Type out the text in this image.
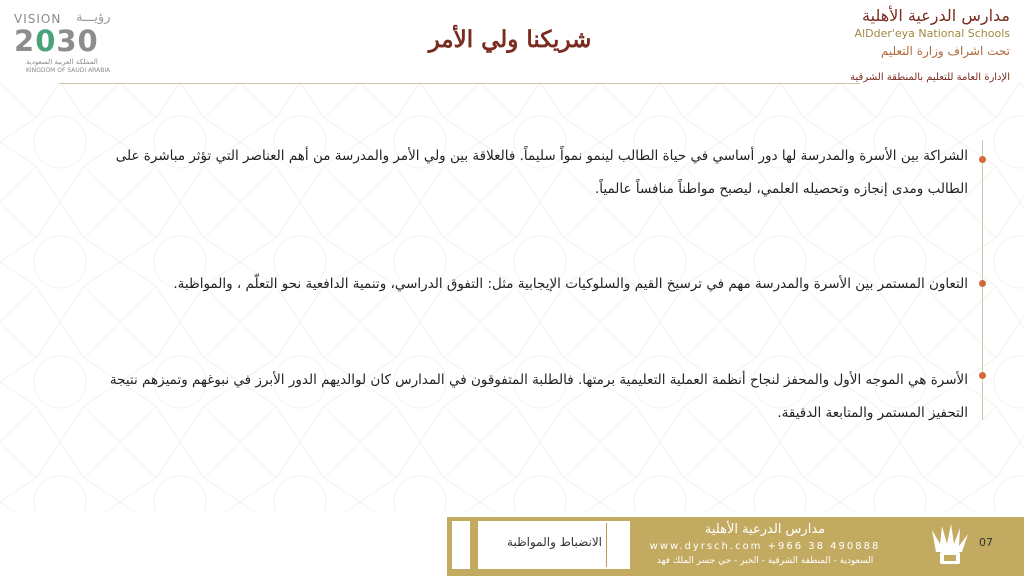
VISION رؤيـــة
2030
المملكة العربية السعودية
KINGDOM OF SAUDI ARABIA
شريكنا ولي الأمر
مدارس الدرعية الأهلية
AlDder'eya National Schools
تحت اشراف وزارة التعليم
الإدارة العامة للتعليم بالمنطقة الشرقية
الشراكة بين الأسرة والمدرسة لها دور أساسي في حياة الطالب لينمو نمواً سليماً. فالعلاقة بين ولي الأمر والمدرسة من أهم العناصر التي تؤثر مباشرة على
الطالب ومدى إنجازه وتحصيله العلمي، ليصبح مواطناً منافساً عالمياً.
التعاون المستمر بين الأسرة والمدرسة مهم في ترسيخ القيم والسلوكيات الإيجابية مثل: التفوق الدراسي، وتنمية الدافعية نحو التعلّم ، والمواظبة.
الأسرة هي الموجه الأول والمحفز لنجاح أنظمة العملية التعليمية برمتها. فالطلبة المتفوقون في المدارس كان لوالديهم الدور الأبرز في نبوغهم وتميزهم نتيجة
التحفيز المستمر والمتابعة الدقيقة.
الانضباط والمواظبة
مدارس الدرعية الأهلية
www.dyrsch.com +966 38 490888
السعودية - المنطقة الشرقية - الخبر - حي جسر الملك فهد
07
